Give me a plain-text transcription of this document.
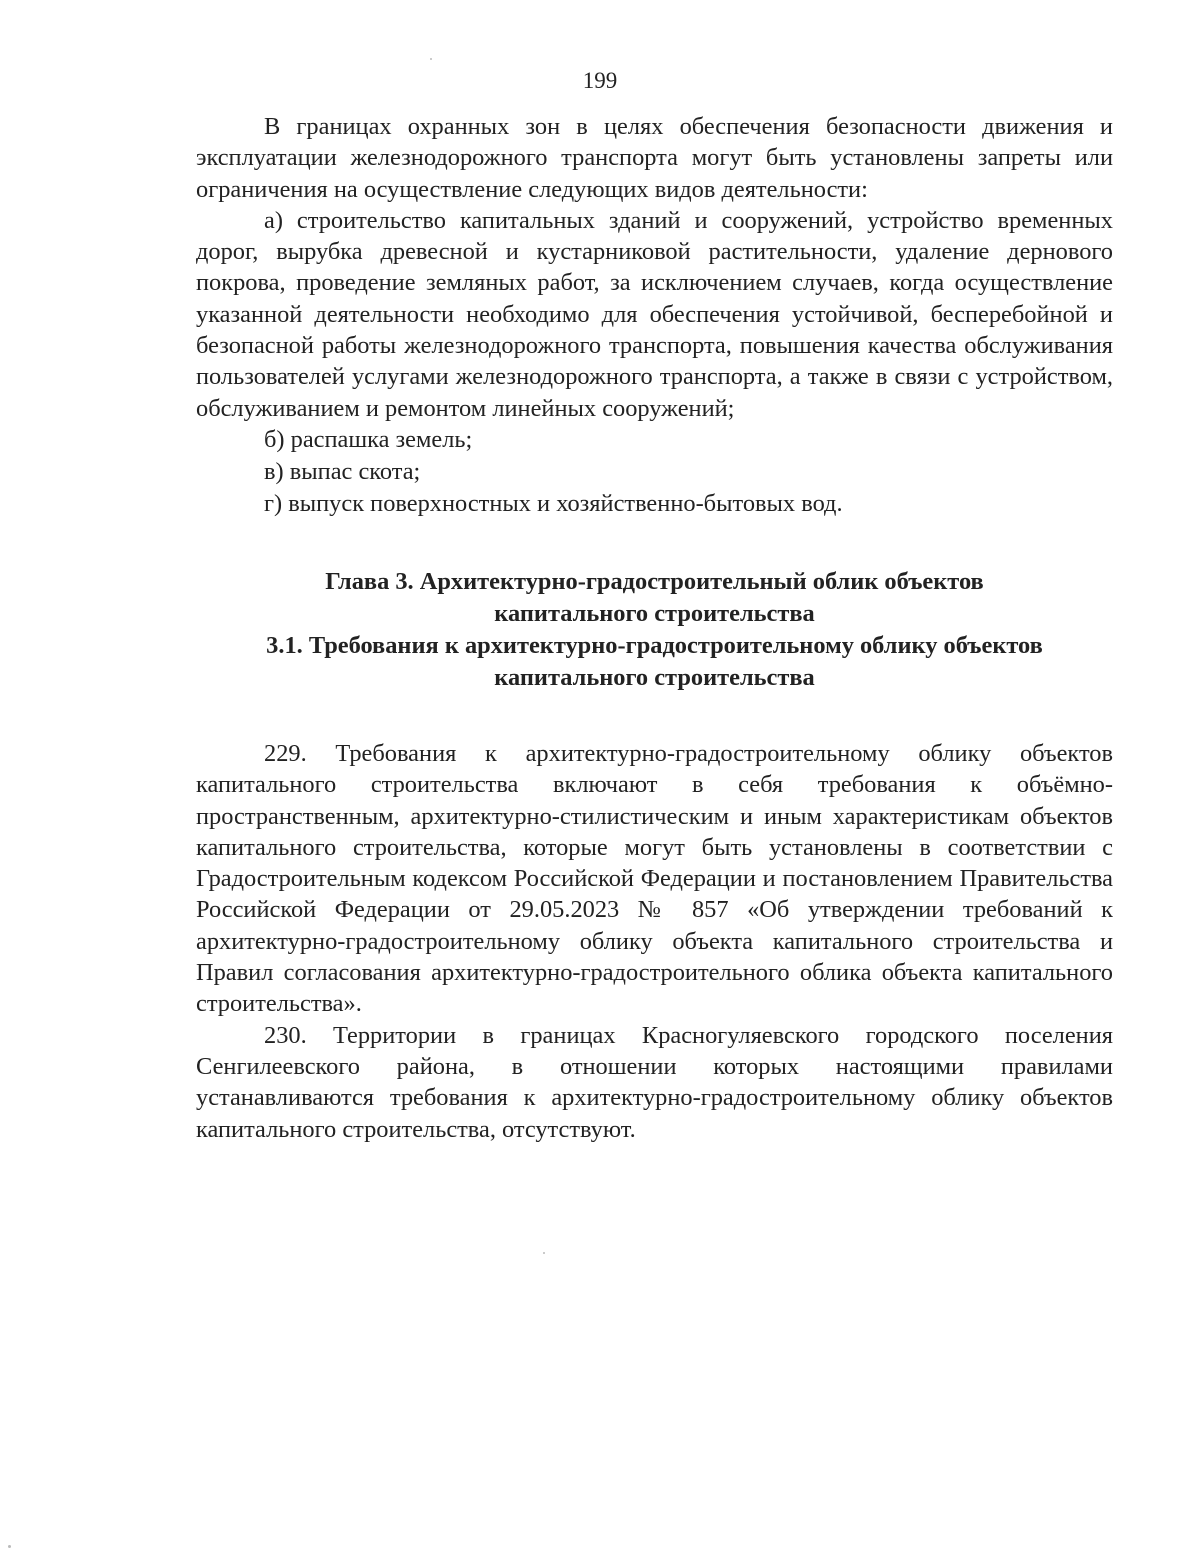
199

В границах охранных зон в целях обеспечения безопасности движения и эксплуатации железнодорожного транспорта могут быть установлены запреты или ограничения на осуществление следующих видов деятельности:

а) строительство капитальных зданий и сооружений, устройство временных дорог, вырубка древесной и кустарниковой растительности, удаление дернового покрова, проведение земляных работ, за исключением случаев, когда осуществление указанной деятельности необходимо для обеспечения устойчивой, бесперебойной и безопасной работы железнодорожного транспорта, повышения качества обслуживания пользователей услугами железнодорожного транспорта, а также в связи с устройством, обслуживанием и ремонтом линейных сооружений;

б) распашка земель;

в) выпас скота;

г) выпуск поверхностных и хозяйственно-бытовых вод.

Глава 3. Архитектурно-градостроительный облик объектов
капитального строительства
3.1. Требования к архитектурно-градостроительному облику объектов
капитального строительства

229. Требования к архитектурно-градостроительному облику объектов капитального строительства включают в себя требования к объёмно-пространственным, архитектурно-стилистическим и иным характеристикам объектов капитального строительства, которые могут быть установлены в соответствии с Градостроительным кодексом Российской Федерации и постановлением Правительства Российской Федерации от 29.05.2023 № 857 «Об утверждении требований к архитектурно-градостроительному облику объекта капитального строительства и Правил согласования архитектурно-градостроительного облика объекта капитального строительства».

230. Территории в границах Красногуляевского городского поселения Сенгилеевского района, в отношении которых настоящими правилами устанавливаются требования к архитектурно-градостроительному облику объектов капитального строительства, отсутствуют.
